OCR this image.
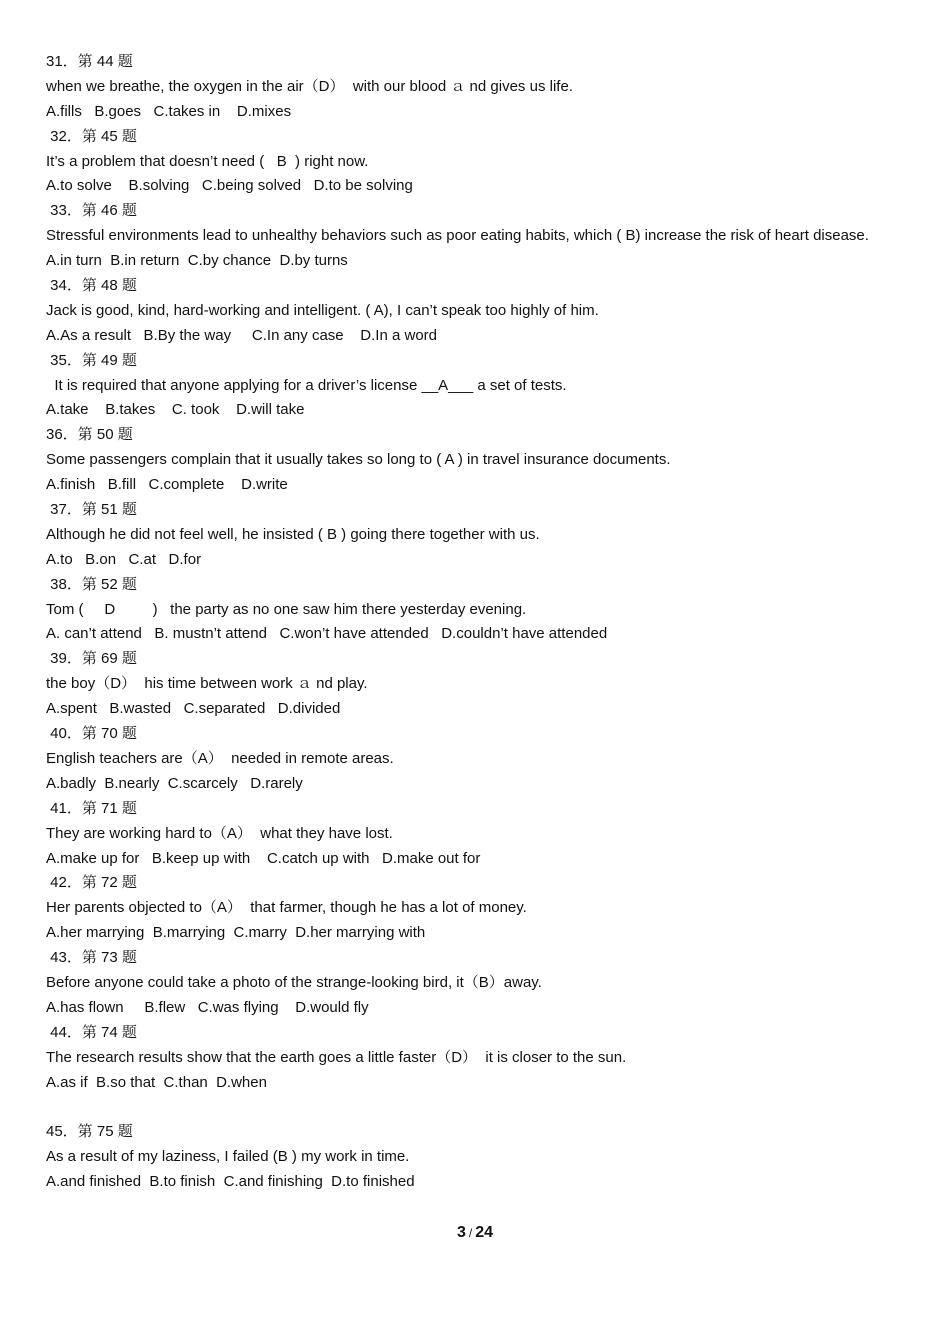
31．第 44 题
when we breathe, the oxygen in the air（D）  with our blood ａ nd gives us life.
A.fills   B.goes   C.takes in    D.mixes
32．第 45 题
It’s a problem that doesn’t need (   B  ) right now.
A.to solve    B.solving   C.being solved   D.to be solving
33．第 46 题
Stressful environments lead to unhealthy behaviors such as poor eating habits, which ( B) increase the risk of heart disease.
A.in turn  B.in return  C.by chance  D.by turns
34．第 48 题
Jack is good, kind, hard-working and intelligent. ( A), I can’t speak too highly of him.
A.As a result   B.By the way     C.In any case    D.In a word
35．第 49 题
It is required that anyone applying for a driver’s license __A___ a set of tests.
A.take    B.takes    C. took    D.will take
36．第 50 题
Some passengers complain that it usually takes so long to ( A ) in travel insurance documents.
A.finish   B.fill   C.complete    D.write
37．第 51 题
Although he did not feel well, he insisted ( B ) going there together with us.
A.to   B.on   C.at   D.for
38．第 52 题
Tom (     D         )   the party as no one saw him there yesterday evening.
A. can’t attend   B. mustn’t attend   C.won’t have attended   D.couldn’t have attended
39．第 69 题
the boy（D）  his time between work ａ nd play.
A.spent   B.wasted   C.separated   D.divided
40．第 70 题
English teachers are（A）  needed in remote areas.
A.badly  B.nearly  C.scarcely   D.rarely
41．第 71 题
They are working hard to（A）  what they have lost.
A.make up for   B.keep up with    C.catch up with   D.make out for
42．第 72 题
Her parents objected to（A）  that farmer, though he has a lot of money.
A.her marrying  B.marrying  C.marry  D.her marrying with
43．第 73 题
Before anyone could take a photo of the strange-looking bird, it（B）away.
A.has flown     B.flew   C.was flying    D.would fly
44．第 74 题
The research results show that the earth goes a little faster（D）  it is closer to the sun.
A.as if  B.so that  C.than  D.when
45．第 75 题
As a result of my laziness, I failed (B ) my work in time.
A.and finished  B.to finish  C.and finishing  D.to finished
3 / 24
